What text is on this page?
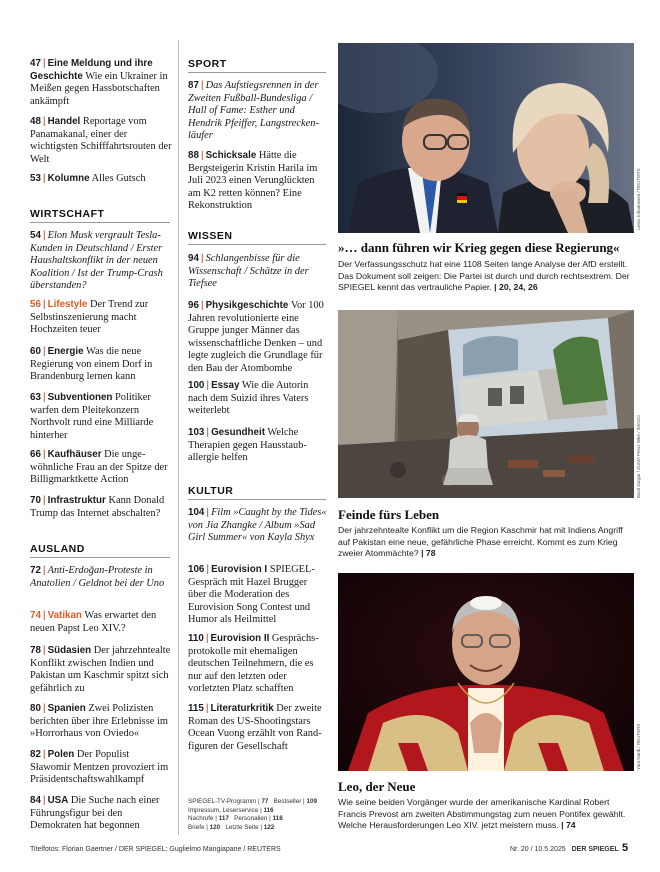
47 | Eine Meldung und ihre Geschichte Wie ein Ukrainer in Meißen gegen Hassbotschaften ankämpft
48 | Handel Reportage vom Panamakanal, einer der wichtigsten Schifffahrtsrouten der Welt
53 | Kolumne Alles Gutsch
WIRTSCHAFT
54 | Elon Musk vergrault Tesla-Kunden in Deutschland / Erster Haushaltskonflikt in der neuen Koalition / Ist der Trump-Crash überstanden?
56 | Lifestyle Der Trend zur Selbstinszenierung macht Hochzeiten teuer
60 | Energie Was die neue Regierung von einem Dorf in Brandenburg lernen kann
63 | Subventionen Politiker warfen dem Pleitekonzern Northvolt rund eine Milliarde hinterher
66 | Kaufhäuser Die ungewöhnliche Frau an der Spitze der Billigmarktkette Action
70 | Infrastruktur Kann Donald Trump das Internet abschalten?
AUSLAND
72 | Anti-Erdoğan-Proteste in Anatolien / Geldnot bei der Uno
74 | Vatikan Was erwartet den neuen Papst Leo XIV.?
78 | Südasien Der jahrzehntealte Konflikt zwischen Indien und Pakistan um Kaschmir spitzt sich gefährlich zu
80 | Spanien Zwei Polizisten berichten über ihre Erlebnisse im »Horrorhaus von Oviedo«
82 | Polen Der Populist Sławomir Mentzen provoziert im Präsidentschaftswahlkampf
84 | USA Die Suche nach einer Führungsfigur bei den Demokraten hat begonnen
SPORT
87 | Das Aufstiegsrennen in der Zweiten Fußball-Bundesliga / Hall of Fame: Esther und Hendrik Pfeiffer, Langstreckenläufer
88 | Schicksale Hätte die Bergsteigerin Kristin Harila im Juli 2023 einen Verunglückten am K2 retten können? Eine Rekonstruktion
WISSEN
94 | Schlangenbisse für die Wissenschaft / Schätze in der Tiefsee
96 | Physikgeschichte Vor 100 Jahren revolutionierte eine Gruppe junger Männer das wissenschaftliche Denken – und legte zugleich die Grundlage für den Bau der Atombombe
100 | Essay Wie die Autorin nach dem Suizid ihres Vaters weiterlebt
103 | Gesundheit Welche Therapien gegen Hausstauballergie helfen
KULTUR
104 | Film »Caught by the Tides« von Jia Zhangke / Album »Sad Girl Summer« von Kayla Shyx
106 | Eurovision I SPIEGEL-Gespräch mit Hazel Brugger über die Moderation des Eurovision Song Contest und Humor als Heilmittel
110 | Eurovision II Gesprächsprotokolle mit ehemaligen deutschen Teilnehmern, die es nur auf den letzten oder vorletzten Platz schafften
115 | Literaturkritik Der zweite Roman des US-Shootingstars Ocean Vuong erzählt von Randfiguren der Gesellschaft
SPIEGEL-TV-Programm | 77 Bestseller | 109
Impressum, Leserservice | 116
Nachrufe | 117 Personalien | 118
Briefe | 120 Letzte Seite | 122
Liesa Johannssen / REUTERS
»… dann führen wir Krieg gegen diese Regierung«
Der Verfassungsschutz hat eine 1108 Seiten lange Analyse der AfD erstellt. Das Dokument soll zeigen: Die Partei ist durch und durch rechtsextrem. Der SPIEGEL kennt das vertrauliche Papier. | 20, 24, 26
Basit Zargar / ZUMA Press Wire / IMAGO
Feinde fürs Leben
Der jahrzehntealte Konflikt um die Region Kaschmir hat mit Indiens Angriff auf Pakistan eine neue, gefährliche Phase erreicht. Kommt es zum Krieg zweier Atommächte? | 78
Yara Nardi / REUTERS
Leo, der Neue
Wie seine beiden Vorgänger wurde der amerikanische Kardinal Robert Francis Prevost am zweiten Abstimmungstag zum neuen Pontifex gewählt. Welche Herausforderungen Leo XIV. jetzt meistern muss. | 74
Titelfotos: Florian Gaertner / DER SPIEGEL; Guglielmo Mangiapane / REUTERS	Nr. 20 / 10.5.2025 DER SPIEGEL 5
